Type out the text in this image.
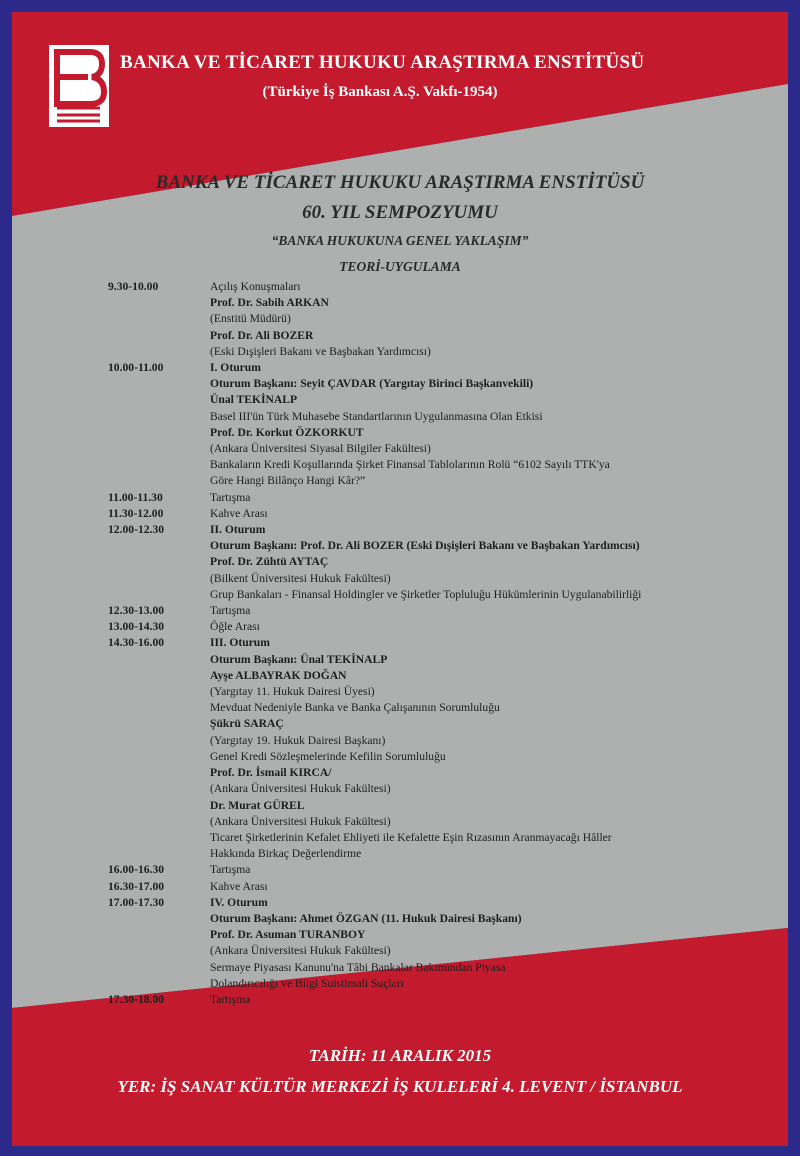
BANKA VE TİCARET HUKUKU ARAŞTIRMA ENSTİTÜSÜ
(Türkiye İş Bankası A.Ş. Vakfı-1954)
BANKA VE TİCARET HUKUKU ARAŞTIRMA ENSTİTÜSÜ
60. YIL SEMPOZYUMU
“BANKA HUKUKUNA GENEL YAKLAŞIM”
TEORİ-UYGULAMA
9.30-10.00	Açılış Konuşmaları
Prof. Dr. Sabih ARKAN
(Enstitü Müdürü)
Prof. Dr. Ali BOZER
(Eski Dışişleri Bakanı ve Başbakan Yardımcısı)
10.00-11.00	I. Oturum
Oturum Başkanı: Seyit ÇAVDAR (Yargıtay Birinci Başkanvekili)
Ünal TEKİNALP
Basel III'ün Türk Muhasebe Standartlarının Uygulanmasına Olan Etkisi
Prof. Dr. Korkut ÖZKORKUT
(Ankara Üniversitesi Siyasal Bilgiler Fakültesi)
Bankaların Kredi Koşullarında Şirket Finansal Tablolarının Rolü “6102 Sayılı TTK'ya
Göre Hangi Bilânço Hangi Kâr?”
11.00-11.30	Tartışma
11.30-12.00	Kahve Arası
12.00-12.30	II. Oturum
Oturum Başkanı: Prof. Dr. Ali BOZER (Eski Dışişleri Bakanı ve Başbakan Yardımcısı)
Prof. Dr. Zühtü AYTAÇ
(Bilkent Üniversitesi Hukuk Fakültesi)
Grup Bankaları - Finansal Holdingler ve Şirketler Topluluğu Hükümlerinin Uygulanabilirliği
12.30-13.00	Tartışma
13.00-14.30	Öğle Arası
14.30-16.00	III. Oturum
Oturum Başkanı: Ünal TEKİNALP
Ayşe ALBAYRAK DOĞAN
(Yargıtay 11. Hukuk Dairesi Üyesi)
Mevduat Nedeniyle Banka ve Banka Çalışanının Sorumluluğu
Şükrü SARAÇ
(Yargıtay 19. Hukuk Dairesi Başkanı)
Genel Kredi Sözleşmelerinde Kefilin Sorumluluğu
Prof. Dr. İsmail KIRCA/
(Ankara Üniversitesi Hukuk Fakültesi)
Dr. Murat GÜREL
(Ankara Üniversitesi Hukuk Fakültesi)
Ticaret Şirketlerinin Kefalet Ehliyeti ile Kefalette Eşin Rızasının Aranmayacağı Hâller
Hakkında Birkaç Değerlendirme
16.00-16.30	Tartışma
16.30-17.00	Kahve Arası
17.00-17.30	IV. Oturum
Oturum Başkanı: Ahmet ÖZGAN (11. Hukuk Dairesi Başkanı)
Prof. Dr. Asuman TURANBOY
(Ankara Üniversitesi Hukuk Fakültesi)
Sermaye Piyasası Kanunu'na Tâbi Bankalar Bakımından Piyasa
Dolandırıcılığı ve Bilgi Suistimali Suçları
17.30-18.00	Tartışma
TARİH: 11 ARALIK 2015
YER: İŞ SANAT KÜLTÜR MERKEZİ İŞ KULELERİ 4. LEVENT / İSTANBUL
